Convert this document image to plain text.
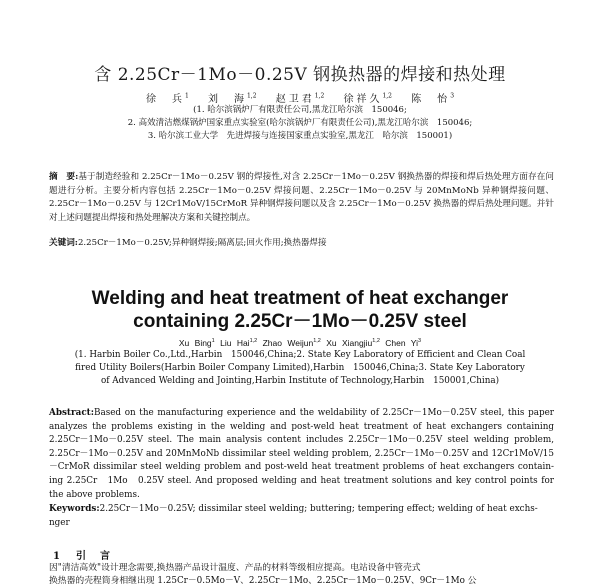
含 2.25Cr－1Mo－0.25V 钢换热器的焊接和热处理
徐　兵$^1$　 刘　海$^{1,2}$　 赵卫君$^{1,2}$　 徐祥久$^{1,2}$　 陈　怡$^3$
(1. 哈尔滨锅炉厂有限责任公司,黑龙江哈尔滨　150046;
2. 高效清洁燃煤锅炉国家重点实验室(哈尔滨锅炉厂有限责任公司),黑龙江哈尔滨　150046;
3. 哈尔滨工业大学　先进焊接与连接国家重点实验室,黑龙江　哈尔滨　150001)
摘　要:基于制造经验和 2.25Cr－1Mo－0.25V 钢的焊接性,对含 2.25Cr－1Mo－0.25V 钢换热器的焊接和焊后热处理方面存在问题进行分析。主要分析内容包括 2.25Cr－1Mo－0.25V 焊接问题、2.25Cr－1Mo－0.25V 与 20MnMoNb 异种钢焊接问题、2.25Cr－1Mo－0.25V 与 12Cr1MoV/15CrMoR 异种钢焊接问题以及含 2.25Cr－1Mo－0.25V 换热器的焊后热处理问题。并针对上述问题提出焊接和热处理解决方案和关键控制点。
关键词:2.25Cr－1Mo－0.25V;异种钢焊接;隔离层;回火作用;换热器焊接
Welding and heat treatment of heat exchanger
containing 2.25Cr－1Mo－0.25V steel
Xu Bing$^1$ Liu Hai$^{1,2}$ Zhao Weijun$^{1,2}$ Xu Xiangjiu$^{1,2}$ Chen Yi$^3$
(1. Harbin Boiler Co.,Ltd.,Harbin　150046,China;2. State Key Laboratory of Efficient and Clean Coal fired Utility Boilers(Harbin Boiler Company Limited),Harbin　150046,China;3. State Key Laboratory of Advanced Welding and Jointing,Harbin Institute of Technology,Harbin　150001,China)
Abstract:Based on the manufacturing experience and the weldability of 2.25Cr－1Mo－0.25V steel, this paper analyzes the problems existing in the welding and post-weld heat treatment of heat exchangers containing 2.25Cr－1Mo－0.25V steel. The main analysis content includes 2.25Cr－1Mo－0.25V steel welding problem, 2.25Cr－1Mo－0.25V and 20MnMoNb dissimilar steel welding problem, 2.25Cr－1Mo－0.25V and 12Cr1MoV/15－CrMoR dissimilar steel welding problem and post-weld heat treatment problems of heat exchangers contain-ing 2.25Cr　1Mo　0.25V steel. And proposed welding and heat treatment solutions and key control points for the above problems.
Keywords:2.25Cr－1Mo－0.25V; dissimilar steel welding; buttering; tempering effect; welding of heat exchs-nger
1 引　言
因"清洁高效"设计理念需要,换热器产品设计温度、产品的材料等级相应提高。电站设备中管壳式
换热器的壳程筒身相继出现 1.25Cr－0.5Mo－V、2.25Cr－1Mo、2.25Cr－1Mo－0.25V、9Cr－1Mo 公
